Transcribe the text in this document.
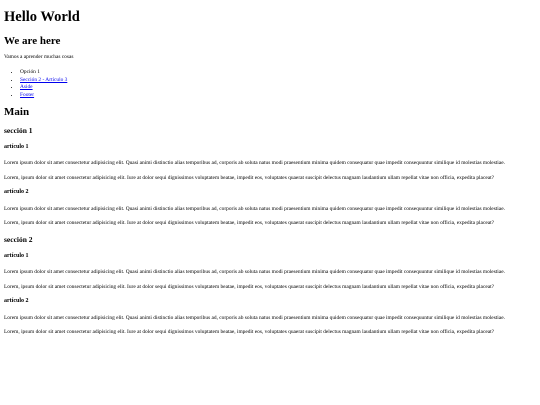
Hello World
We are here

Vamos a aprender muchas cosas

• Opción 1
• Sección 2 - Artículo 3
• Aside
• Footer
Main
sección 1
artículo 1

Lorem ipsum dolor sit amet consectetur adipisicing elit. Quasi animi distinctio alias temporibus ad, corporis ab soluta natus modi praesentium minima quidem consequatur quae impedit consequuntur similique id molestias molestiae.

Lorem, ipsum dolor sit amet consectetur adipisicing elit. Iure at dolor sequi dignissimos voluptatem beatae, impedit eos, voluptates quaerat suscipit delectus magnam laudantium ullam repellat vitae non officia, expedita placeat?

artículo 2

Lorem ipsum dolor sit amet consectetur adipisicing elit. Quasi animi distinctio alias temporibus ad, corporis ab soluta natus modi praesentium minima quidem consequatur quae impedit consequuntur similique id molestias molestiae.

Lorem, ipsum dolor sit amet consectetur adipisicing elit. Iure at dolor sequi dignissimos voluptatem beatae, impedit eos, voluptates quaerat suscipit delectus magnam laudantium ullam repellat vitae non officia, expedita placeat?

sección 2
artículo 1

Lorem ipsum dolor sit amet consectetur adipisicing elit. Quasi animi distinctio alias temporibus ad, corporis ab soluta natus modi praesentium minima quidem consequatur quae impedit consequuntur similique id molestias molestiae.

Lorem, ipsum dolor sit amet consectetur adipisicing elit. Iure at dolor sequi dignissimos voluptatem beatae, impedit eos, voluptates quaerat suscipit delectus magnam laudantium ullam repellat vitae non officia, expedita placeat?

artículo 2

Lorem ipsum dolor sit amet consectetur adipisicing elit. Quasi animi distinctio alias temporibus ad, corporis ab soluta natus modi praesentium minima quidem consequatur quae impedit consequuntur similique id molestias molestiae.

Lorem, ipsum dolor sit amet consectetur adipisicing elit. Iure at dolor sequi dignissimos voluptatem beatae, impedit eos, voluptates quaerat suscipit delectus magnam laudantium ullam repellat vitae non officia, expedita placeat?
